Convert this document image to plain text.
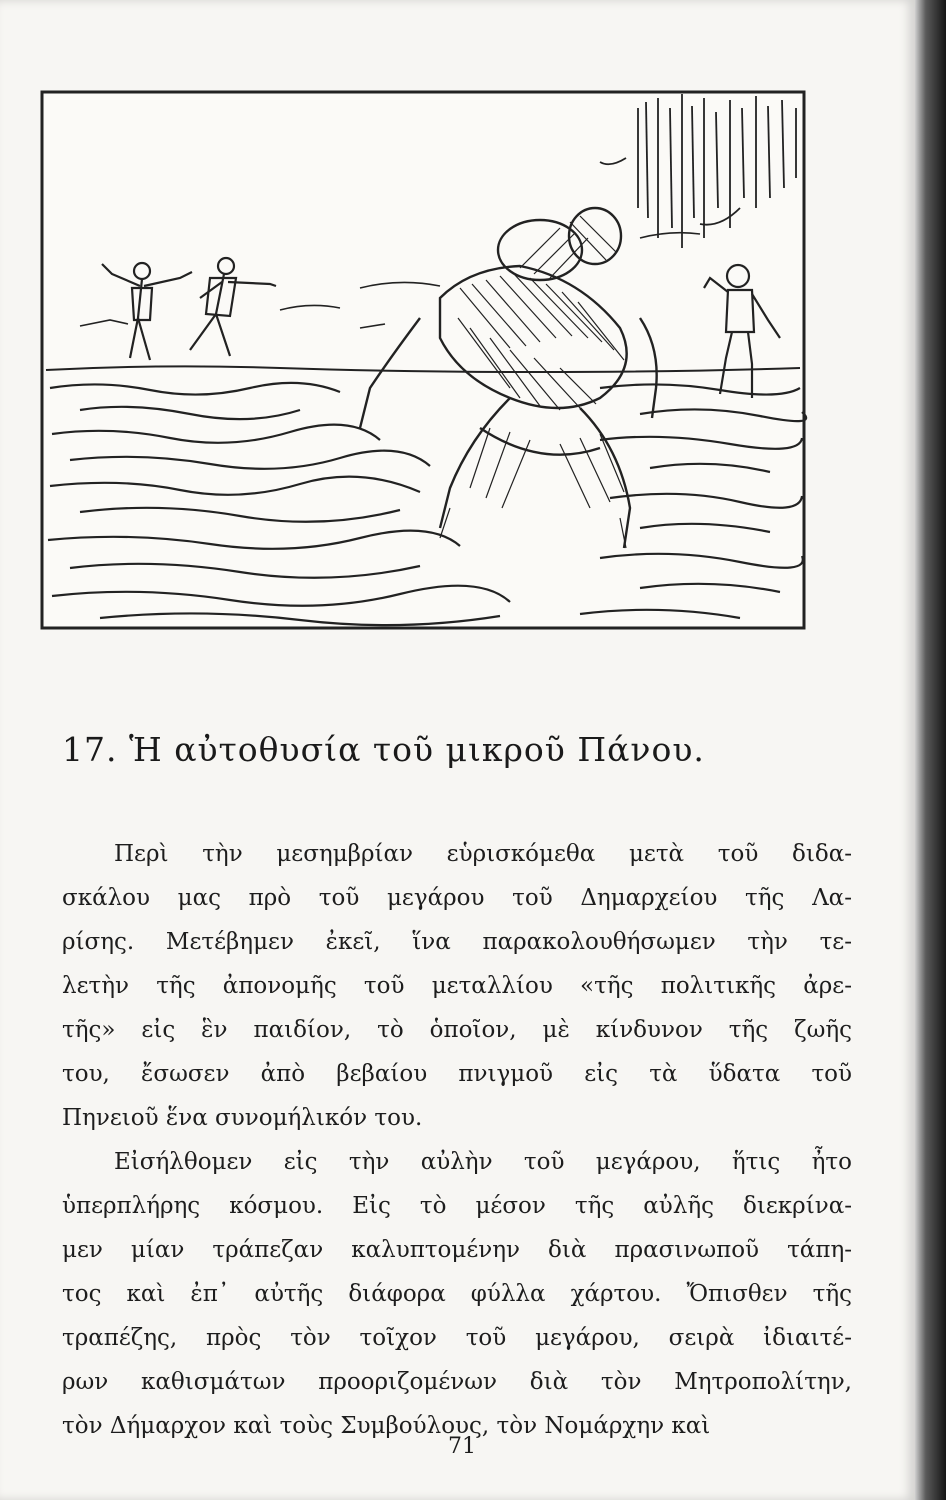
17. Ἡ αὐτοθυσία τοῦ μικροῦ Πάνου.
Περὶ τὴν μεσημβρίαν εὑρισκόμεθα μετὰ τοῦ διδα-
σκάλου μας πρὸ τοῦ μεγάρου τοῦ Δημαρχείου τῆς Λα-
ρίσης. Μετέβημεν ἐκεῖ, ἵνα παρακολουθήσωμεν τὴν τε-
λετὴν τῆς ἀπονομῆς τοῦ μεταλλίου «τῆς πολιτικῆς ἀρε-
τῆς» εἰς ἓν παιδίον, τὸ ὁποῖον, μὲ κίνδυνον τῆς ζωῆς
του, ἔσωσεν ἀπὸ βεβαίου πνιγμοῦ εἰς τὰ ὕδατα τοῦ
Πηνειοῦ ἕνα συνομήλικόν του.
Εἰσήλθομεν εἰς τὴν αὐλὴν τοῦ μεγάρου, ἥτις ἦτο
ὑπερπλήρης κόσμου. Εἰς τὸ μέσον τῆς αὐλῆς διεκρίνα-
μεν μίαν τράπεζαν καλυπτομένην διὰ πρασινωποῦ τάπη-
τος καὶ ἐπ᾽ αὐτῆς διάφορα φύλλα χάρτου. Ὄπισθεν τῆς
τραπέζης, πρὸς τὸν τοῖχον τοῦ μεγάρου, σειρὰ ἰδιαιτέ-
ρων καθισμάτων προοριζομένων διὰ τὸν Μητροπολίτην,
τὸν Δήμαρχον καὶ τοὺς Συμβούλους, τὸν Νομάρχην καὶ
71
